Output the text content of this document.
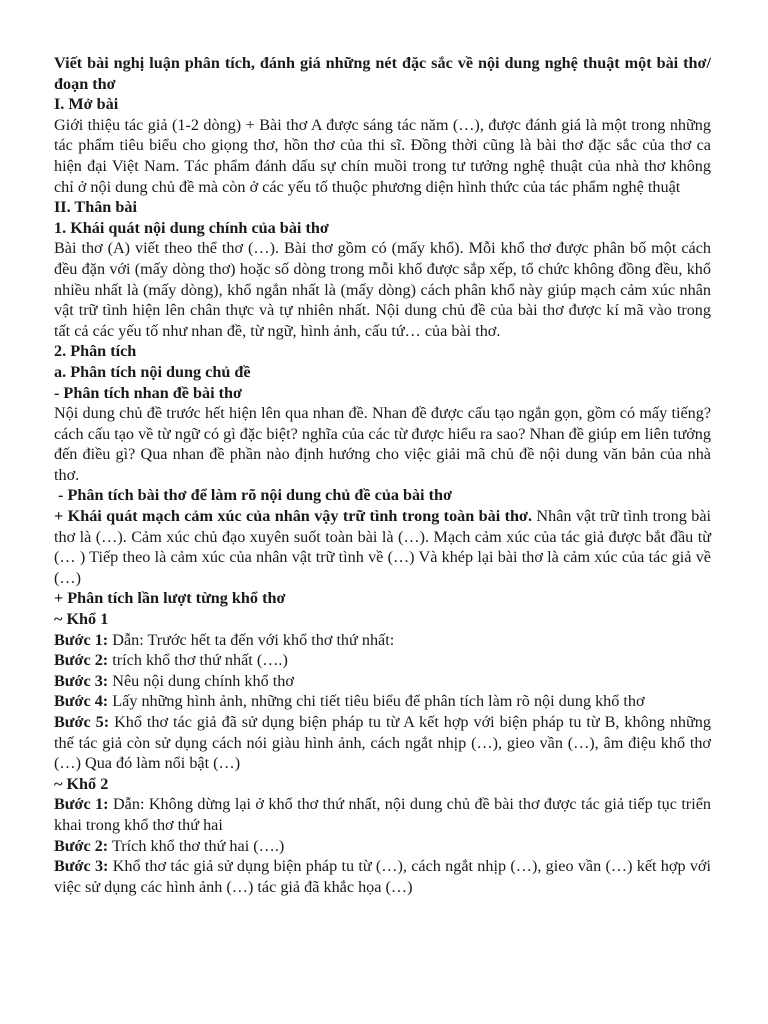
Viết bài nghị luận phân tích, đánh giá những nét đặc sắc về nội dung nghệ thuật một bài thơ/đoạn thơ

I. Mở bài

Giới thiệu tác giả (1-2 dòng) + Bài thơ A được sáng tác năm (…), được đánh giá là một trong những tác phẩm tiêu biểu cho giọng thơ, hồn thơ của thi sĩ. Đồng thời cũng là bài thơ đặc sắc của thơ ca hiện đại Việt Nam. Tác phẩm đánh dấu sự chín muồi trong tư tưởng nghệ thuật của nhà thơ không chỉ ở nội dung chủ đề mà còn ở các yếu tố thuộc phương diện hình thức của tác phẩm nghệ thuật

II. Thân bài

1. Khái quát nội dung chính của bài thơ

Bài thơ (A) viết theo thể thơ (…). Bài thơ gồm có (mấy khổ). Mỗi khổ thơ được phân bố một cách đều đặn với (mấy dòng thơ) hoặc số dòng trong mỗi khổ được sắp xếp, tổ chức không đồng đều, khổ nhiều nhất là (mấy dòng), khổ ngắn nhất là (mấy dòng) cách phân khổ này giúp mạch cảm xúc nhân vật trữ tình hiện lên chân thực và tự nhiên nhất. Nội dung chủ đề của bài thơ được kí mã vào trong tất cả các yếu tố như nhan đề, từ ngữ, hình ảnh, cấu tứ… của bài thơ.

2. Phân tích

a. Phân tích nội dung chủ đề

- Phân tích nhan đề bài thơ

Nội dung chủ đề trước hết hiện lên qua nhan đề. Nhan đề được cấu tạo ngắn gọn, gồm có mấy tiếng? cách cấu tạo về từ ngữ có gì đặc biệt? nghĩa của các từ được hiểu ra sao? Nhan đề giúp em liên tưởng đến điều gì? Qua nhan đề phần nào định hướng cho việc giải mã chủ đề nội dung văn bản của nhà thơ.

- Phân tích bài thơ để làm rõ nội dung chủ đề của bài thơ

+ Khái quát mạch cảm xúc của nhân vậy trữ tình trong toàn bài thơ. Nhân vật trữ tình trong bài thơ là (…). Cảm xúc chủ đạo xuyên suốt toàn bài là (…). Mạch cảm xúc của tác giả được bắt đầu từ (… ) Tiếp theo là cảm xúc của nhân vật trữ tình về (…) Và khép lại bài thơ là cảm xúc của tác giả về (…)

+ Phân tích lần lượt từng khổ thơ

~ Khổ 1

Bước 1: Dẫn: Trước hết ta đến với khổ thơ thứ nhất:

Bước 2: trích khổ thơ thứ nhất (….)

Bước 3: Nêu nội dung chính khổ thơ

Bước 4: Lấy những hình ảnh, những chi tiết tiêu biểu để phân tích làm rõ nội dung khổ thơ

Bước 5: Khổ thơ tác giả đã sử dụng biện pháp tu từ A kết hợp với biện pháp tu từ B, không những thế tác giả còn sử dụng cách nói giàu hình ảnh, cách ngắt nhịp (…), gieo vần (…), âm điệu khổ thơ (…) Qua đó làm nổi bật (…)

~ Khổ 2

Bước 1: Dẫn: Không dừng lại ở khổ thơ thứ nhất, nội dung chủ đề bài thơ được tác giả tiếp tục triển khai trong khổ thơ thứ hai

Bước 2: Trích khổ thơ thứ hai (….)

Bước 3: Khổ thơ tác giả sử dụng biện pháp tu từ (…), cách ngắt nhịp (…), gieo vần (…) kết hợp với việc sử dụng các hình ảnh (…) tác giả đã khắc họa (…)
